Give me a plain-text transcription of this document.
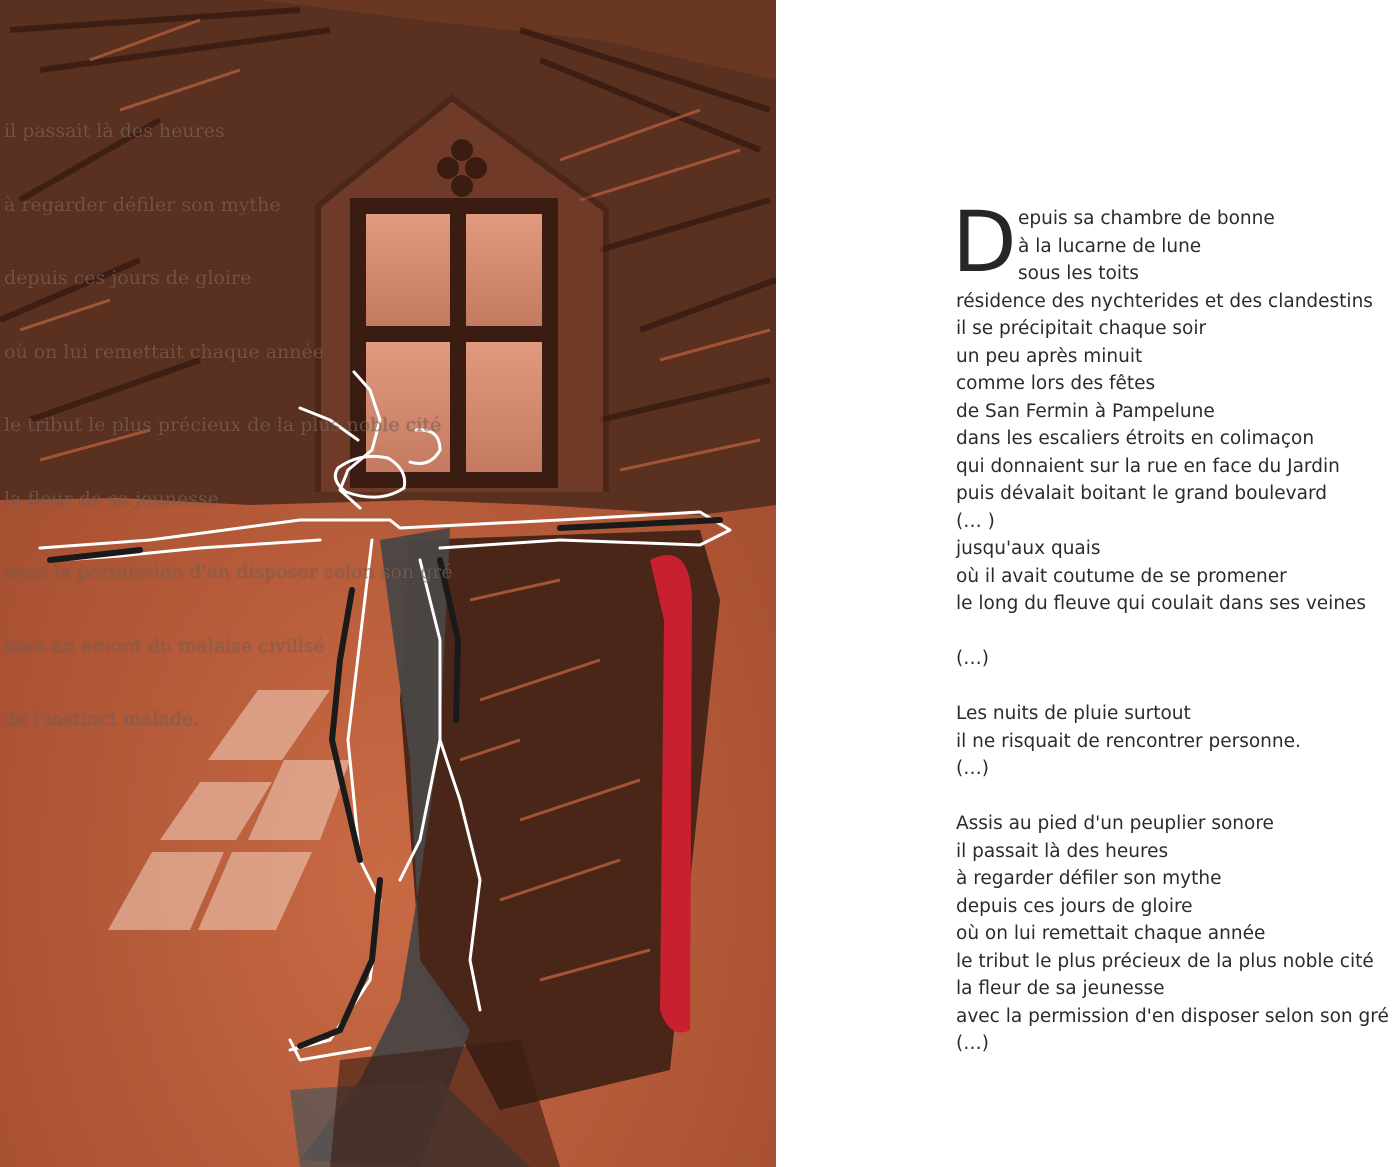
il passait là des heures

à regarder défiler son mythe

depuis ces jours de gloire

où on lui remettait chaque année

le tribut le plus précieux de la plus noble cité

la fleur de sa jeunesse

avec la permission d'en disposer selon son gré

bien en amont du malaise civilisé

de l'instinct malade.

D epuis sa chambre de bonne
à la lucarne de lune
sous les toits
résidence des nychterides et des clandestins
il se précipitait chaque soir
un peu après minuit
comme lors des fêtes
de San Fermin à Pampelune
dans les escaliers étroits en colimaçon
qui donnaient sur la rue en face du Jardin
puis dévalait boitant le grand boulevard
(… )
jusqu'aux quais
où il avait coutume de se promener
le long du fleuve qui coulait dans ses veines
(…)
Les nuits de pluie surtout
il ne risquait de rencontrer personne.
(…)
Assis au pied d'un peuplier sonore
il passait là des heures
à regarder défiler son mythe
depuis ces jours de gloire
où on lui remettait chaque année
le tribut le plus précieux de la plus noble cité
la fleur de sa jeunesse
avec la permission d'en disposer selon son gré
(…)
